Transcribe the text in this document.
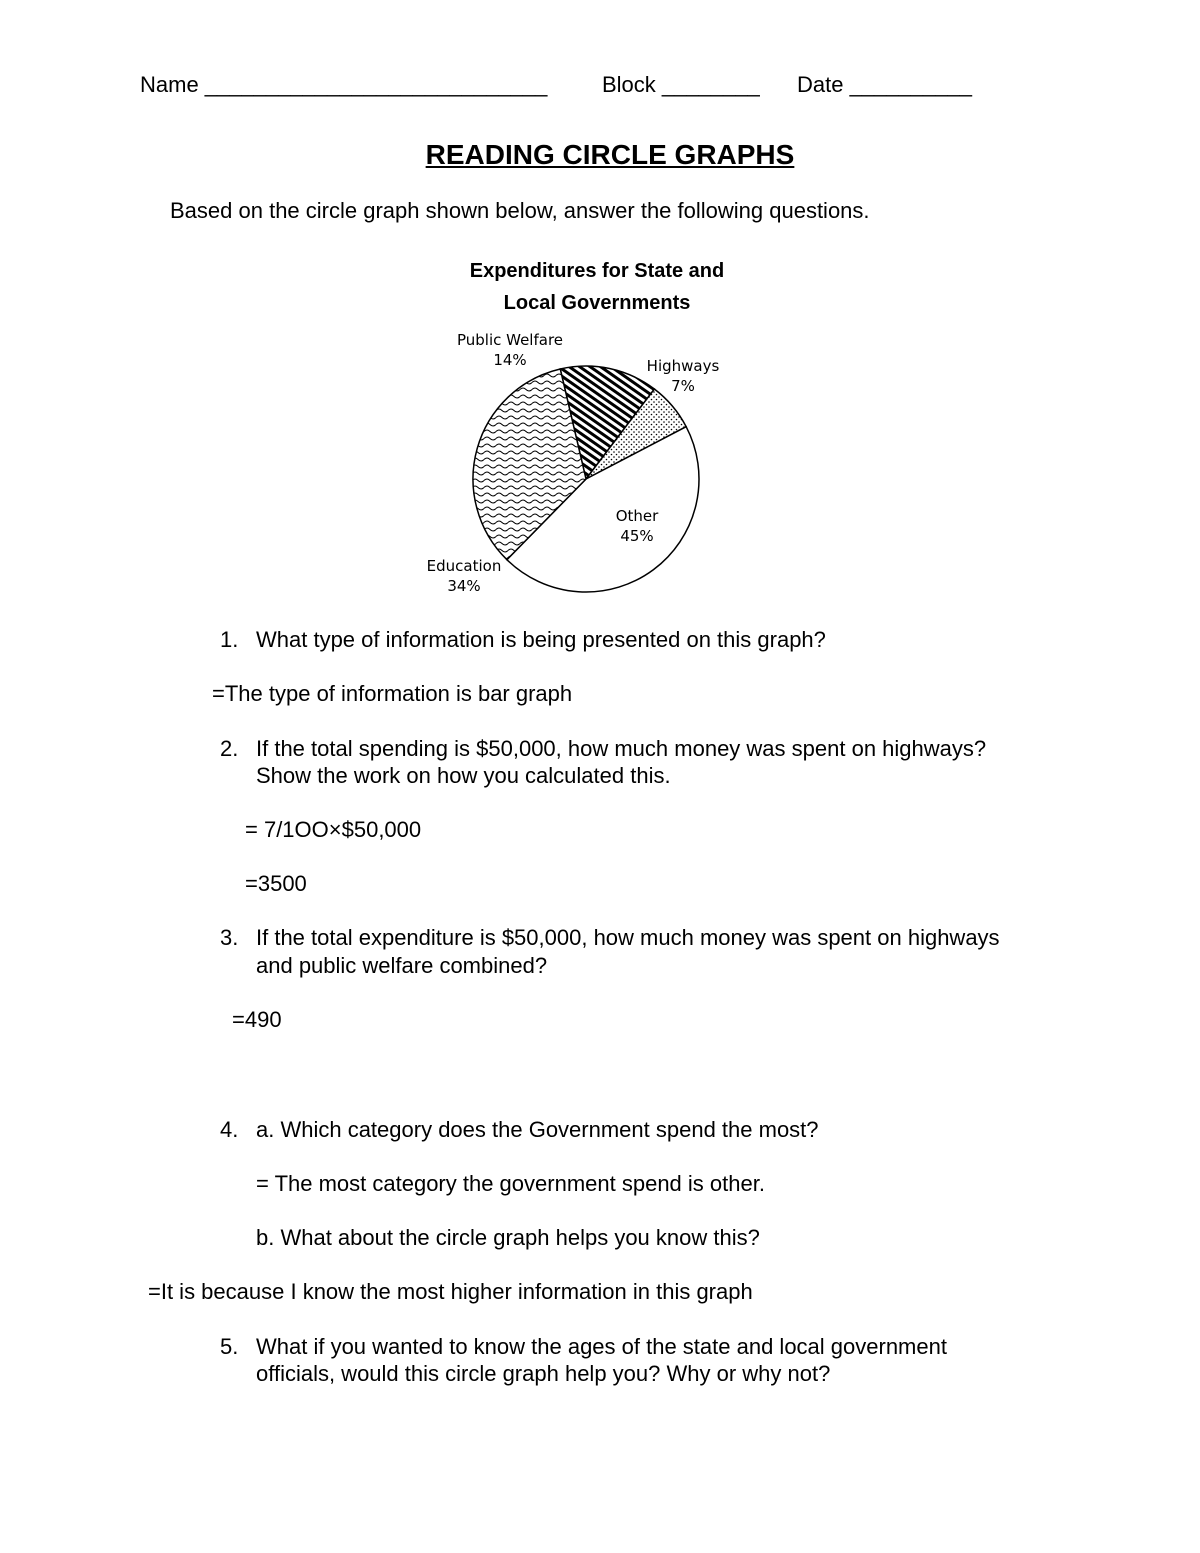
Name ____________________________ Block ________ Date __________
READING CIRCLE GRAPHS
Based on the circle graph shown below, answer the following questions.
Expenditures for State and
Local Governments
Public Welfare
14%	Highways
7%
Other
45%
Education
34%
1. What type of information is being presented on this graph?
=The type of information is bar graph
2. If the total spending is $50,000, how much money was spent on highways?
Show the work on how you calculated this.
= 7/1OO×$50,000
=3500
3. If the total expenditure is $50,000, how much money was spent on highways
and public welfare combined?
=490
4. a. Which category does the Government spend the most?
= The most category the government spend is other.
b. What about the circle graph helps you know this?
=It is because I know the most higher information in this graph
5. What if you wanted to know the ages of the state and local government
officials, would this circle graph help you? Why or why not?
